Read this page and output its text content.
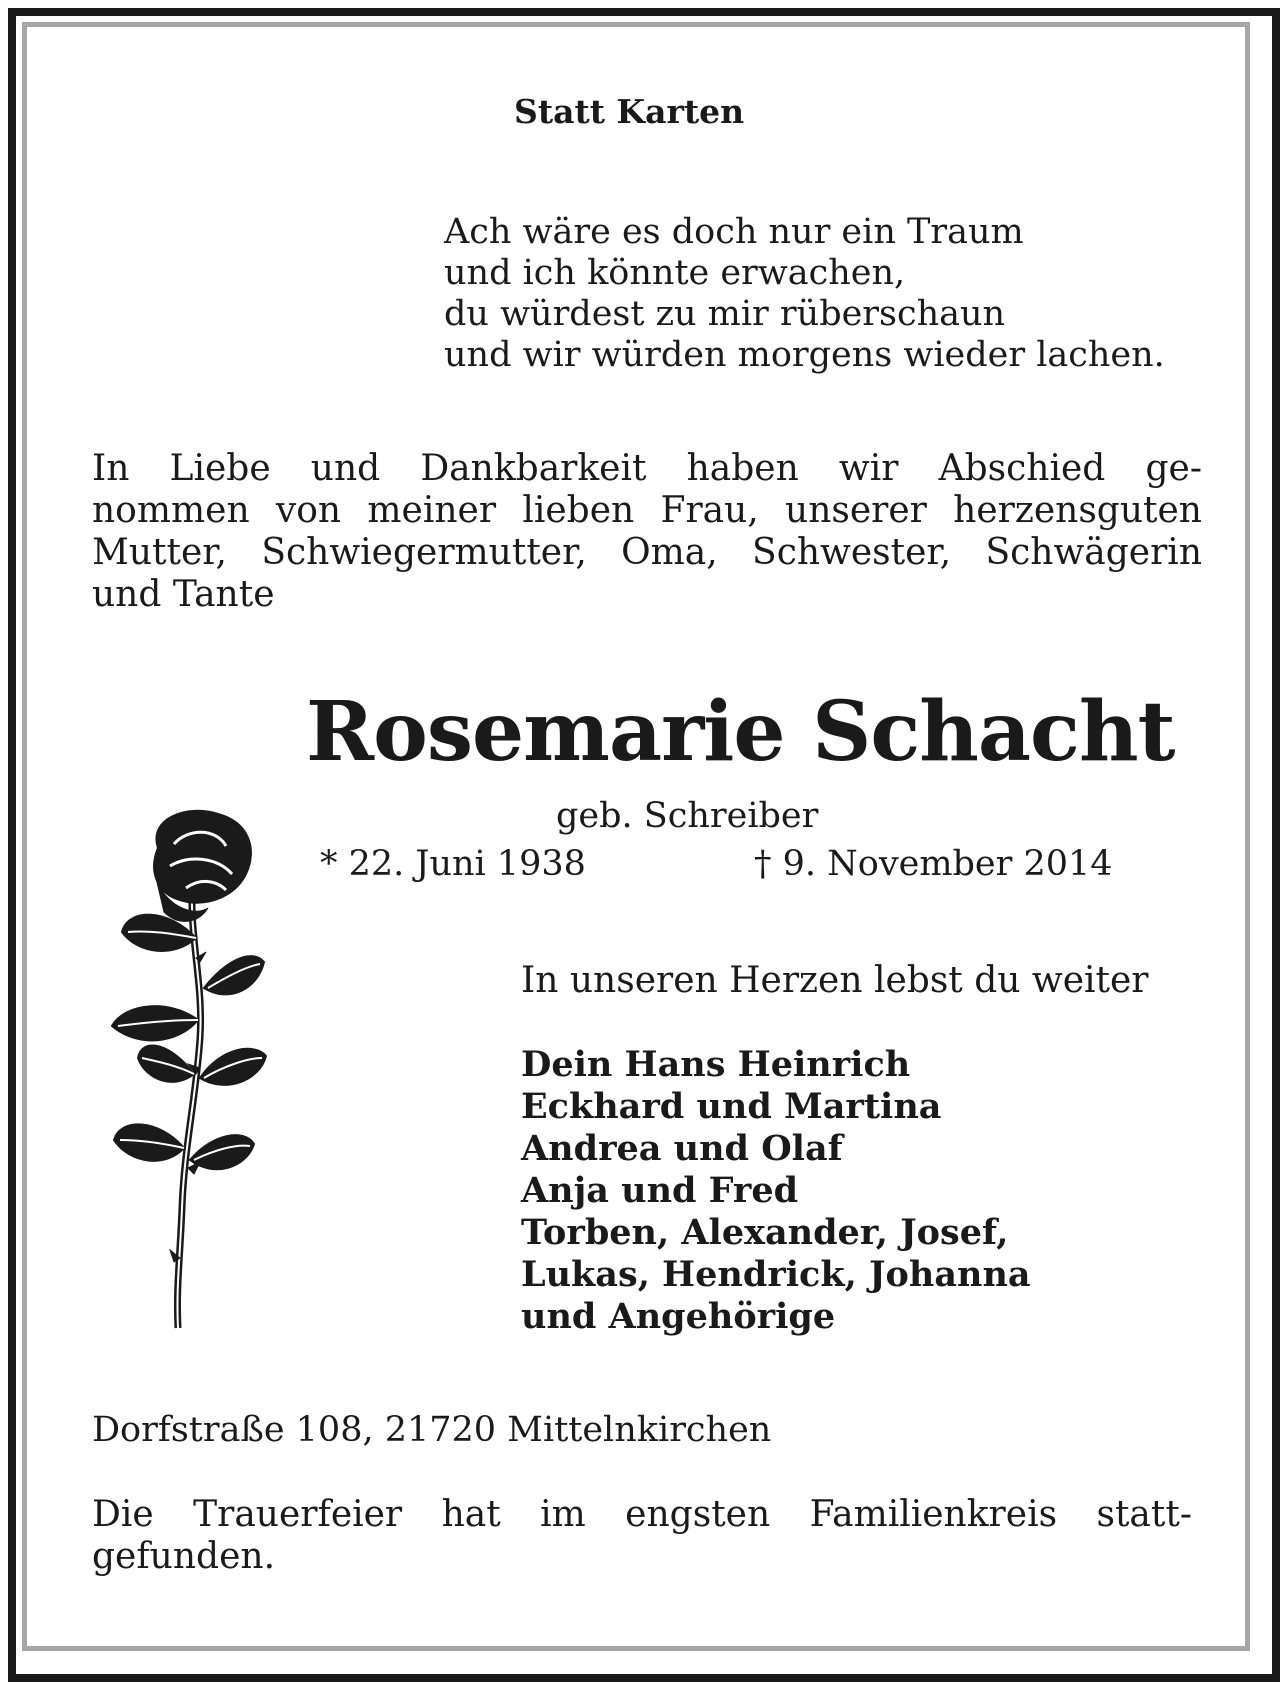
Statt Karten
Ach wäre es doch nur ein Traum
und ich könnte erwachen,
du würdest zu mir rüberschaun
und wir würden morgens wieder lachen.
In Liebe und Dankbarkeit haben wir Abschied ge-
nommen von meiner lieben Frau, unserer herzensguten
Mutter, Schwiegermutter, Oma, Schwester, Schwägerin
und Tante
Rosemarie Schacht
geb. Schreiber
* 22. Juni 1938	† 9. November 2014
In unseren Herzen lebst du weiter
Dein Hans Heinrich
Eckhard und Martina
Andrea und Olaf
Anja und Fred
Torben, Alexander, Josef,
Lukas, Hendrick, Johanna
und Angehörige
Dorfstraße 108, 21720 Mittelnkirchen
Die Trauerfeier hat im engsten Familienkreis statt-
gefunden.
